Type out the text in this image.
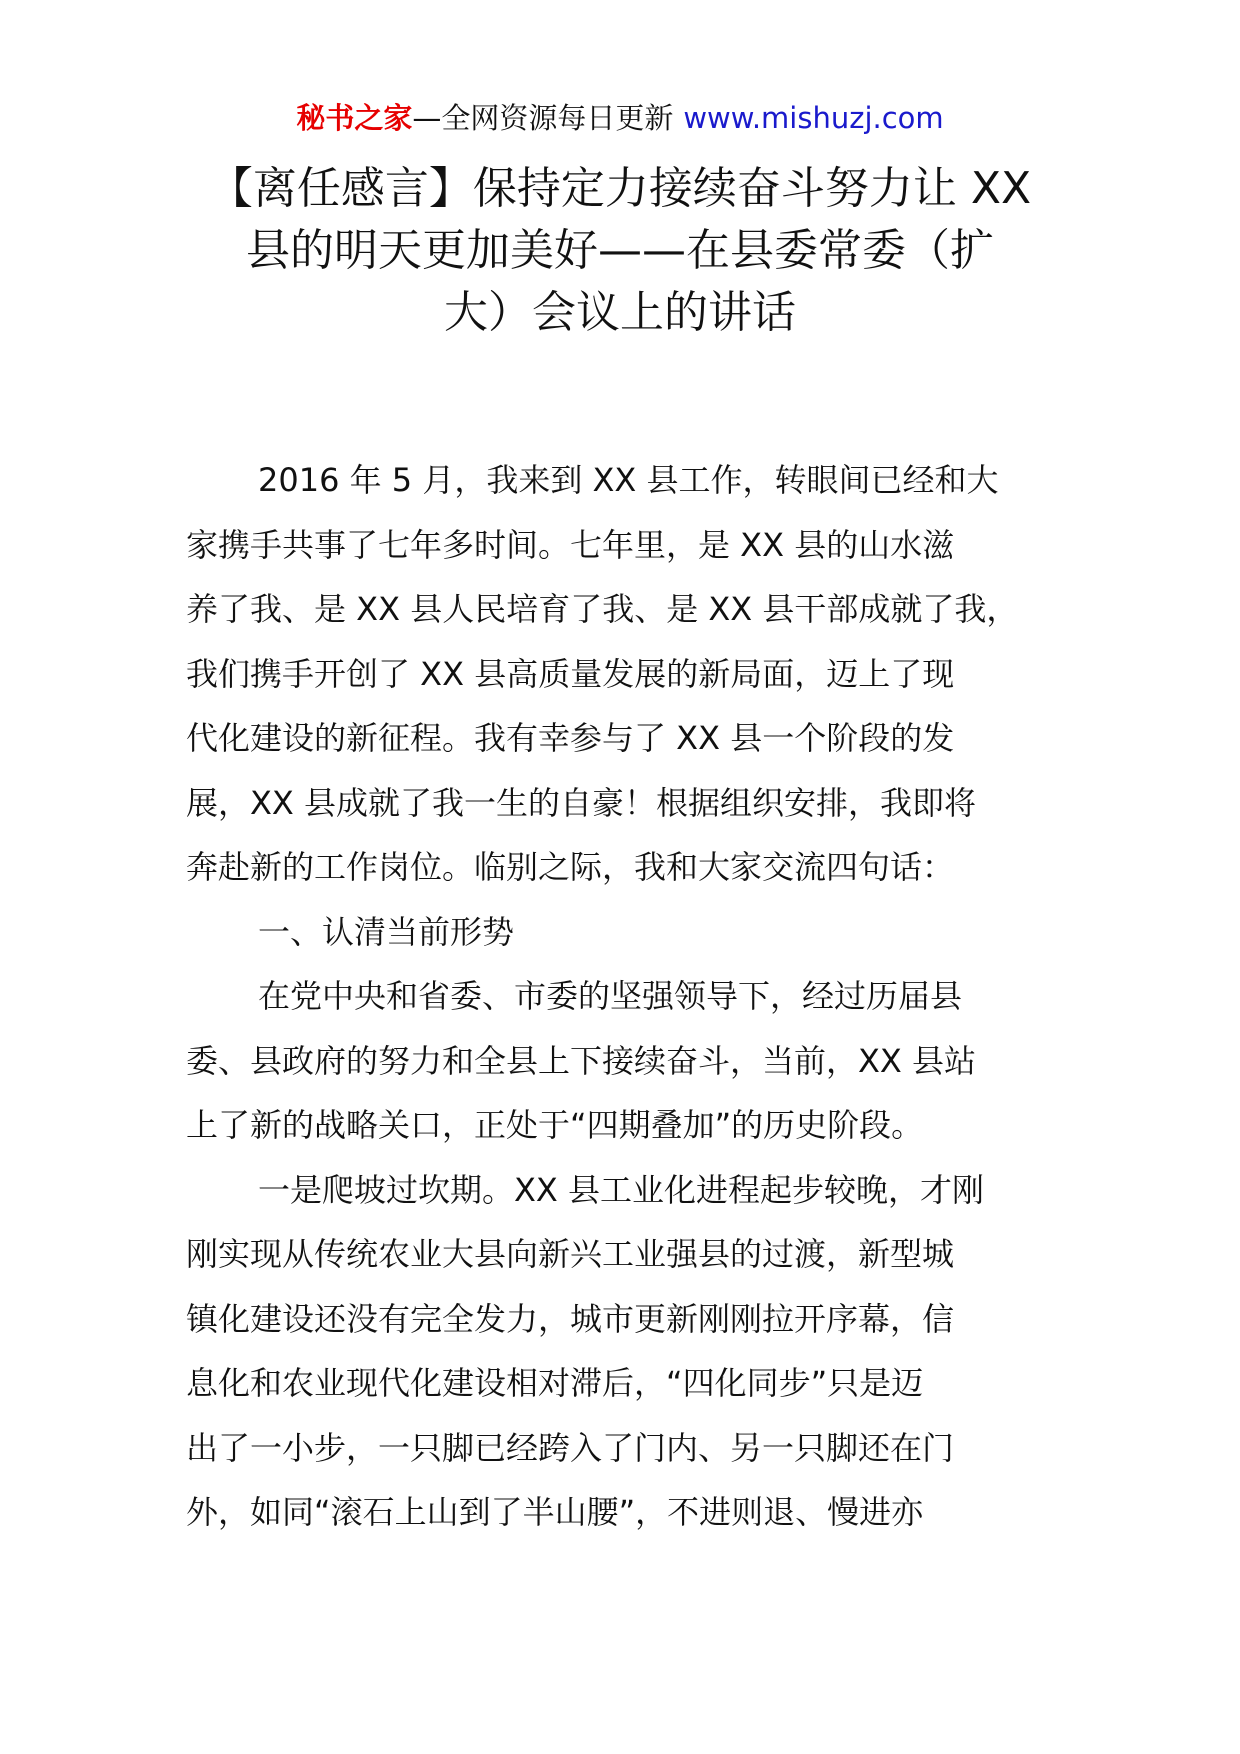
秘书之家—全网资源每日更新 www.mishuzj.com
【离任感言】保持定力接续奋斗努力让 XX
县的明天更加美好——在县委常委（扩
大）会议上的讲话
2016 年 5 月，我来到 XX 县工作，转眼间已经和大
家携手共事了七年多时间。七年里，是 XX 县的山水滋
养了我、是 XX 县人民培育了我、是 XX 县干部成就了我，
我们携手开创了 XX 县高质量发展的新局面，迈上了现
代化建设的新征程。我有幸参与了 XX 县一个阶段的发
展，XX 县成就了我一生的自豪！根据组织安排，我即将
奔赴新的工作岗位。临别之际，我和大家交流四句话：
一、认清当前形势
在党中央和省委、市委的坚强领导下，经过历届县
委、县政府的努力和全县上下接续奋斗，当前，XX 县站
上了新的战略关口，正处于“四期叠加”的历史阶段。
一是爬坡过坎期。XX 县工业化进程起步较晚，才刚
刚实现从传统农业大县向新兴工业强县的过渡，新型城
镇化建设还没有完全发力，城市更新刚刚拉开序幕，信
息化和农业现代化建设相对滞后，“四化同步”只是迈
出了一小步，一只脚已经跨入了门内、另一只脚还在门
外，如同“滚石上山到了半山腰”，不进则退、慢进亦
